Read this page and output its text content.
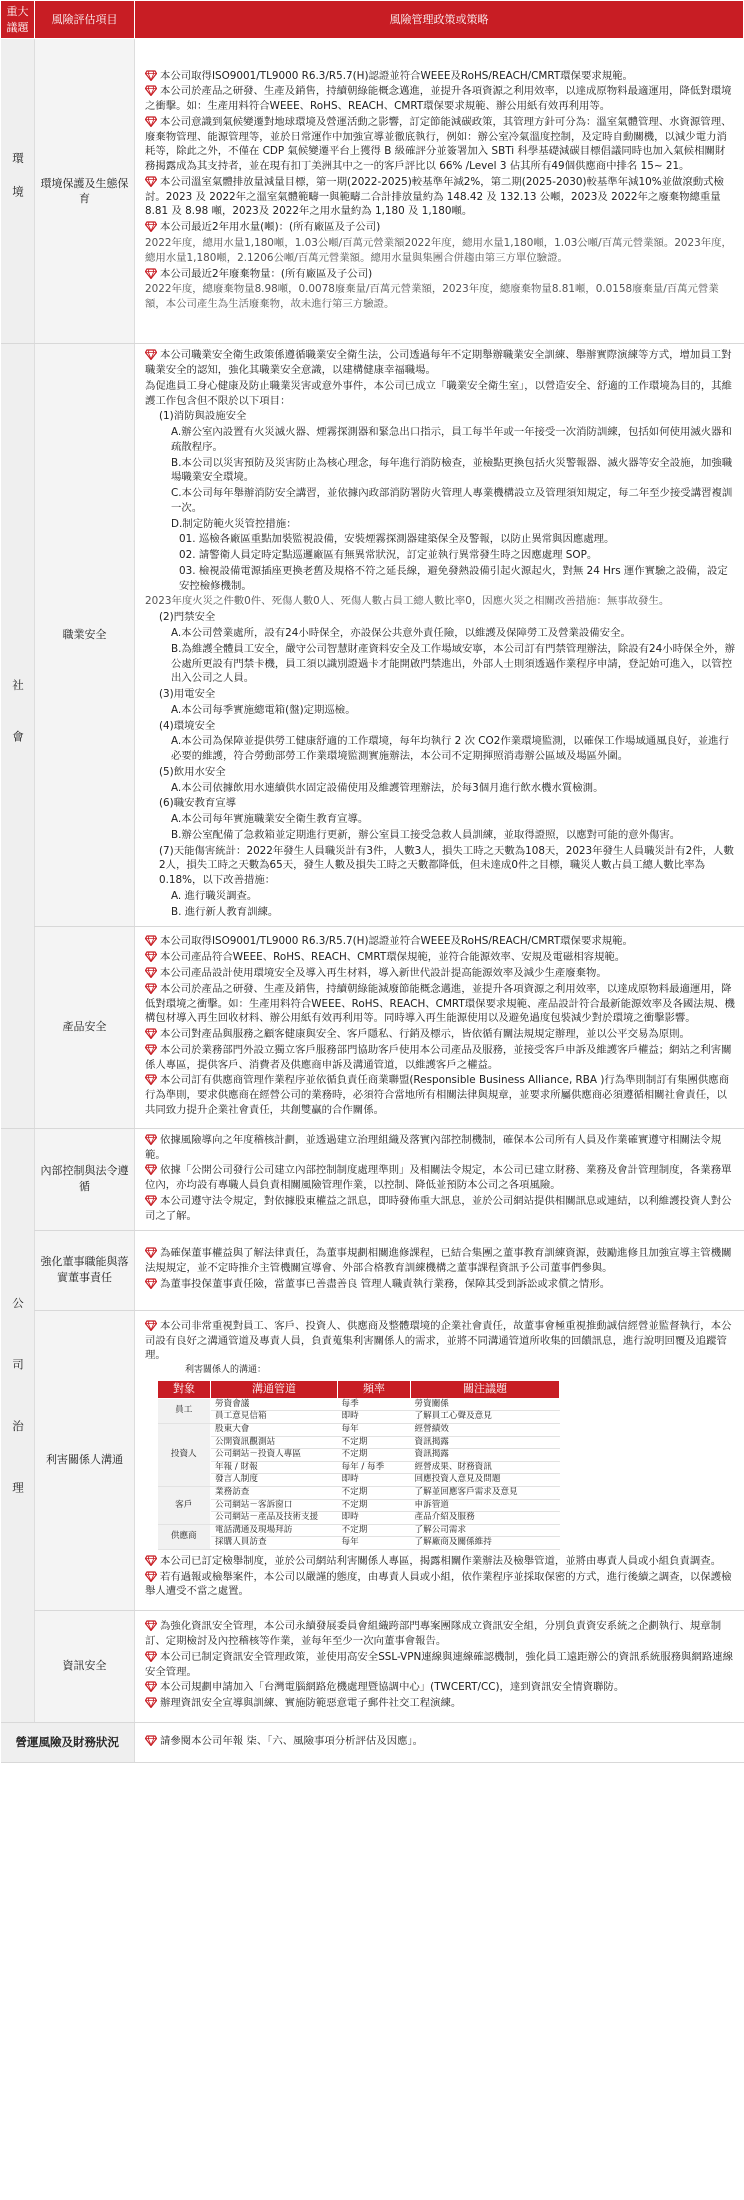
重大議題	風險評估項目	風險管理政策或策略
環境	環境保護及生態保育	
本公司取得ISO9001/TL9000 R6.3/R5.7(H)認證並符合WEEE及RoHS/REACH/CMRT環保要求規範。
本公司於產品之研發、生產及銷售，持續朝綠能概念邁進，並提升各項資源之利用效率，以達成原物料最適運用，降低對環境之衝擊。如：生產用料符合WEEE、RoHS、REACH、CMRT環保要求規範、辦公用紙有效再利用等。
本公司意識到氣候變遷對地球環境及營運活動之影響，訂定節能減碳政策，其管理方針可分為：溫室氣體管理、水資源管理、廢棄物管理、能源管理等，並於日常運作中加強宣導並徹底執行，例如：辦公室冷氣溫度控制，及定時自動關機，以減少電力消耗等，除此之外，不僅在 CDP 氣候變遷平台上獲得 B 級確評分並簽署加入 SBTi 科學基礎減碳目標倡議同時也加入氣候相關財務揭露成為其支持者，並在現有扣丁美洲其中之一的客戶評比以 66% /Level 3 佔其所有49個供應商中排名 15~ 21。
本公司溫室氣體排放量減量目標，第一期(2022-2025)較基準年減2%，第二期(2025-2030)較基準年減10%並做滾動式檢討。2023 及 2022年之溫室氣體範疇一與範疇二合計排放量約為 148.42 及 132.13 公噸，2023及 2022年之廢棄物總重量 8.81 及 8.98 噸，2023及 2022年之用水量約為 1,180 及 1,180噸。
本公司最近2年用水量(噸)：(所有廠區及子公司)
2022年度，總用水量1,180噸，1.03公噸/百萬元營業額2022年度，總用水量1,180噸，1.03公噸/百萬元營業額。2023年度，總用水量1,180噸，2.1206公噸/百萬元營業額。總用水量與集團合併趨由第三方單位驗證。
本公司最近2年廢棄物量：(所有廠區及子公司)
2022年度，總廢棄物量8.98噸，0.0078廢棄量/百萬元營業額，2023年度，總廢棄物量8.81噸，0.0158廢棄量/百萬元營業額，本公司產生為生活廢棄物，故未進行第三方驗證。

社會	職業安全	
本公司職業安全衛生政策係遵循職業安全衛生法，公司透過每年不定期舉辦職業安全訓練、舉辦實際演練等方式，增加員工對職業安全的認知，強化其職業安全意識，以建構健康幸福職場。
為促進員工身心健康及防止職業災害或意外事件，本公司已成立「職業安全衛生室」，以營造安全、舒適的工作環境為目的，其維護工作包含但不限於以下項目：
(1)消防與設施安全
A.辦公室內設置有火災滅火器、煙霧探測器和緊急出口指示，員工每半年或一年接受一次消防訓練，包括如何使用滅火器和疏散程序。
B.本公司以災害預防及災害防止為核心理念，每年進行消防檢查，並檢點更換包括火災警報器、滅火器等安全設施，加強職場職業安全環境。
C.本公司每年舉辦消防安全講習，並依據內政部消防署防火管理人專業機構設立及管理須知規定，每二年至少接受講習複訓一次。
D.制定防範火災管控措施：
01. 巡檢各廠區重點加裝監視設備，安裝煙霧探測器建築保全及警報，以防止異常與因應處理。
02. 請警衛人員定時定點巡邏廠區有無異常狀況，訂定並執行異常發生時之因應處理 SOP。
03. 檢視設備電源插座更換老舊及規格不符之延長線，避免發熱設備引起火源起火，對無 24 Hrs 運作實驗之設備，設定安控檢修機制。
2023年度火災之件數0件、死傷人數0人、死傷人數占員工總人數比率0，因應火災之相關改善措施：無事故發生。
(2)門禁安全
A.本公司營業處所，設有24小時保全，亦設保公共意外責任險，以維護及保障勞工及營業設備安全。
B.為維護全體員工安全，嚴守公司智慧財產資料安全及工作場域安寧，本公司訂有門禁管理辦法，除設有24小時保全外，辦公處所更設有門禁卡機，員工須以識別證過卡才能開啟門禁進出，外部人士則須透過作業程序申請，登記始可進入，以管控出入公司之人員。
(3)用電安全
A.本公司每季實施總電箱(盤)定期巡檢。
(4)環境安全
A.本公司為保障並提供勞工健康舒適的工作環境，每年均執行 2 次 CO2作業環境監測，以確保工作場域通風良好，並進行必要的維護，符合勞動部勞工作業環境監測實施辦法，本公司不定期揮照消毒辦公區域及場區外圍。
(5)飲用水安全
A.本公司依據飲用水連續供水固定設備使用及維護管理辦法，於每3個月進行飲水機水質檢測。
(6)職安教育宣導
A.本公司每年實施職業安全衛生教育宣導。
B.辦公室配備了急救箱並定期進行更新，辦公室員工接受急救人員訓練，並取得證照，以應對可能的意外傷害。
(7)天能傷害統計：2022年發生人員職災計有3件，人數3人，損失工時之天數為108天，2023年發生人員職災計有2件，人數2人，損失工時之天數為65天，發生人數及損失工時之天數都降低，但未達成0件之目標，職災人數占員工總人數比率為0.18%，以下改善措施：
A. 進行職災調查。
B. 進行新人教育訓練。

產品安全	
本公司取得ISO9001/TL9000 R6.3/R5.7(H)認證並符合WEEE及RoHS/REACH/CMRT環保要求規範。
本公司產品符合WEEE、RoHS、REACH、CMRT環保規範，並符合能源效率、安規及電磁相容規範。
本公司產品設計使用環境安全及導入再生材料，導入新世代設計提高能源效率及減少生產廢棄物。
本公司於產品之研發、生產及銷售，持續朝綠能減廢節能概念邁進，並提升各項資源之利用效率，以達成原物料最適運用，降低對環境之衝擊。如：生產用料符合WEEE、RoHS、REACH、CMRT環保要求規範、產品設計符合最新能源效率及各國法規、機構包材導入再生回收材料、辦公用紙有效再利用等。同時導入再生能源使用以及避免過度包裝減少對於環境之衝擊影響。
本公司對產品與服務之顧客健康與安全、客戶隱私、行銷及標示，皆依循有關法規規定辦理，並以公平交易為原則。
本公司於業務部門外設立獨立客戶服務部門協助客戶使用本公司產品及服務，並接受客戶申訴及維護客戶權益；網站之利害關係人專區，提供客戶、消費者及供應商申訴及溝通管道，以維護客戶之權益。
本公司訂有供應商管理作業程序並依循負責任商業聯盟(Responsible Business Alliance, RBA )行為準則制訂有集團供應商行為準則，要求供應商在經營公司的業務時，必須符合當地所有相關法律與規章，並要求所屬供應商必須遵循相關社會責任，以共同致力提升企業社會責任，共創雙贏的合作關係。

公司治理	內部控制與法令遵循	
依據風險導向之年度稽核計劃，並透過建立治理組織及落實內部控制機制，確保本公司所有人員及作業確實遵守相關法令規範。
依據「公開公司發行公司建立內部控制制度處理準則」及相關法令規定，本公司已建立財務、業務及會計管理制度，各業務單位內，亦均設有專職人員負責相關風險管理作業，以控制、降低並預防本公司之各項風險。
本公司遵守法令規定，對依據股東權益之訊息，即時發佈重大訊息，並於公司網站提供相關訊息或連結，以利維護投資人對公司之了解。

強化董事職能與落實董事責任	
為確保董事權益與了解法律責任，為董事規劃相關進修課程，已結合集團之董事教育訓練資源，鼓勵進修且加強宣導主管機關法規規定，並不定時推介主管機關宣導會、外部合格教育訓練機構之董事課程資訊予公司董事們參與。
為董事投保董事責任險，當董事已善盡善良 管理人職責執行業務，保障其受到訴訟或求償之情形。

利害關係人溝通	
本公司非常重視對員工、客戶、投資人、供應商及整體環境的企業社會責任，故董事會極重視推動誠信經營並監督執行，本公司設有良好之溝通管道及專責人員，負責蒐集利害關係人的需求，並將不同溝通管道所收集的回饋訊息，進行說明回覆及追蹤管理。
利害關係人的溝通：
對象	溝通管道	頻率	關注議題
員工	勞資會議	每季	勞資關係
員工意見信箱	即時	了解員工心聲及意見
投資人	股東大會	每年	經營績效
公開資訊觀測站	不定期	資訊揭露
公司網站－投資人專區	不定期	資訊揭露
年報 / 財報	每年 / 每季	經營成果、財務資訊
發言人制度	即時	回應投資人意見及問題
客戶	業務訪查	不定期	了解並回應客戶需求及意見
公司網站－客訴窗口	不定期	申訴管道
公司網站－產品及技術支援	即時	產品介紹及服務
供應商	電話溝通及現場拜訪	不定期	了解公司需求
採購人員訪查	每年	了解廠商及關係維持
本公司已訂定檢舉制度，並於公司網站利害關係人專區，揭露相關作業辦法及檢舉管道，並將由專責人員或小組負責調查。
若有過報或檢舉案件，本公司以嚴謹的態度，由專責人員或小組，依作業程序並採取保密的方式，進行後續之調查，以保護檢舉人遭受不當之處置。

資訊安全	
為強化資訊安全管理，本公司永續發展委員會組織跨部門專案團隊成立資訊安全組，分別負責資安系統之企劃執行、規章制訂、定期檢討及內控稽核等作業，並每年至少一次向董事會報告。
本公司已制定資訊安全管理政策，並使用高安全SSL-VPN連線與連線確認機制，強化員工遠距辦公的資訊系統服務與網路連線安全管理。
本公司規劃申請加入「台灣電腦網路危機處理暨協調中心」(TWCERT/CC)，達到資訊安全情資聯防。
辦理資訊安全宣導與訓練、實施防範惡意電子郵件社交工程演練。

營運風險及財務狀況	請參閱本公司年報 柒、「六、風險事項分析評估及因應」。
